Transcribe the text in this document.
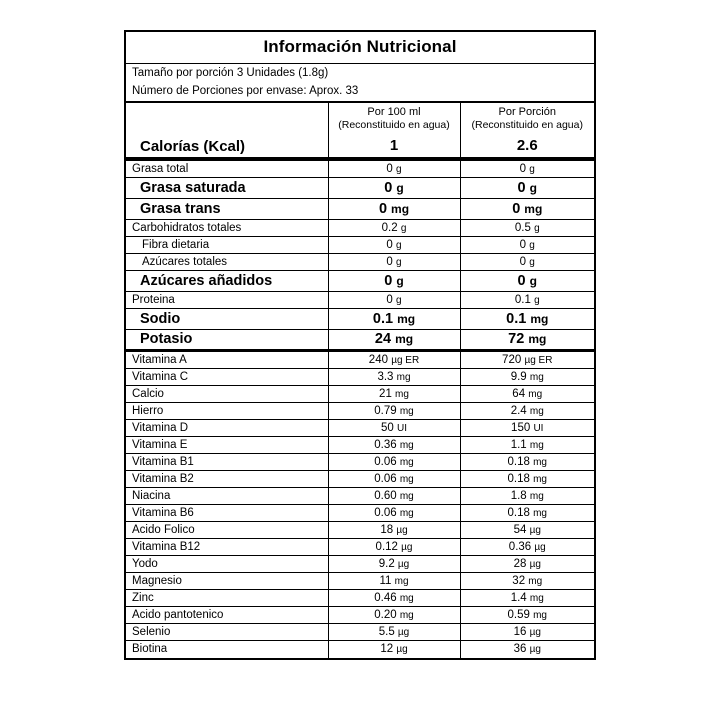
Información Nutricional
Tamaño por porción 3 Unidades (1.8g)
Número de Porciones por envase: Aprox. 33

Por 100 ml
(Reconstituido en agua)

Por Porción
(Reconstituido en agua)

Calorías (Kcal)	1	2.6
Grasa total	0 g	0 g
Grasa saturada	0 g	0 g
Grasa trans	0 mg	0 mg
Carbohidratos totales	0.2 g	0.5 g
Fibra dietaria	0 g	0 g
Azúcares totales	0 g	0 g
Azúcares añadidos	0 g	0 g
Proteina	0 g	0.1 g
Sodio	0.1 mg	0.1 mg
Potasio	24 mg	72 mg
Vitamina A	240 µg ER	720 µg ER
Vitamina C	3.3 mg	9.9 mg
Calcio	21 mg	64 mg
Hierro	0.79 mg	2.4 mg
Vitamina D	50 UI	150 UI
Vitamina E	0.36 mg	1.1 mg
Vitamina B1	0.06 mg	0.18 mg
Vitamina B2	0.06 mg	0.18 mg
Niacina	0.60 mg	1.8 mg
Vitamina B6	0.06 mg	0.18 mg
Acido Folico	18 µg	54 µg
Vitamina B12	0.12 µg	0.36 µg
Yodo	9.2 µg	28 µg
Magnesio	11 mg	32 mg
Zinc	0.46 mg	1.4 mg
Acido pantotenico	0.20 mg	0.59 mg
Selenio	5.5 µg	16 µg
Biotina	12 µg	36 µg
